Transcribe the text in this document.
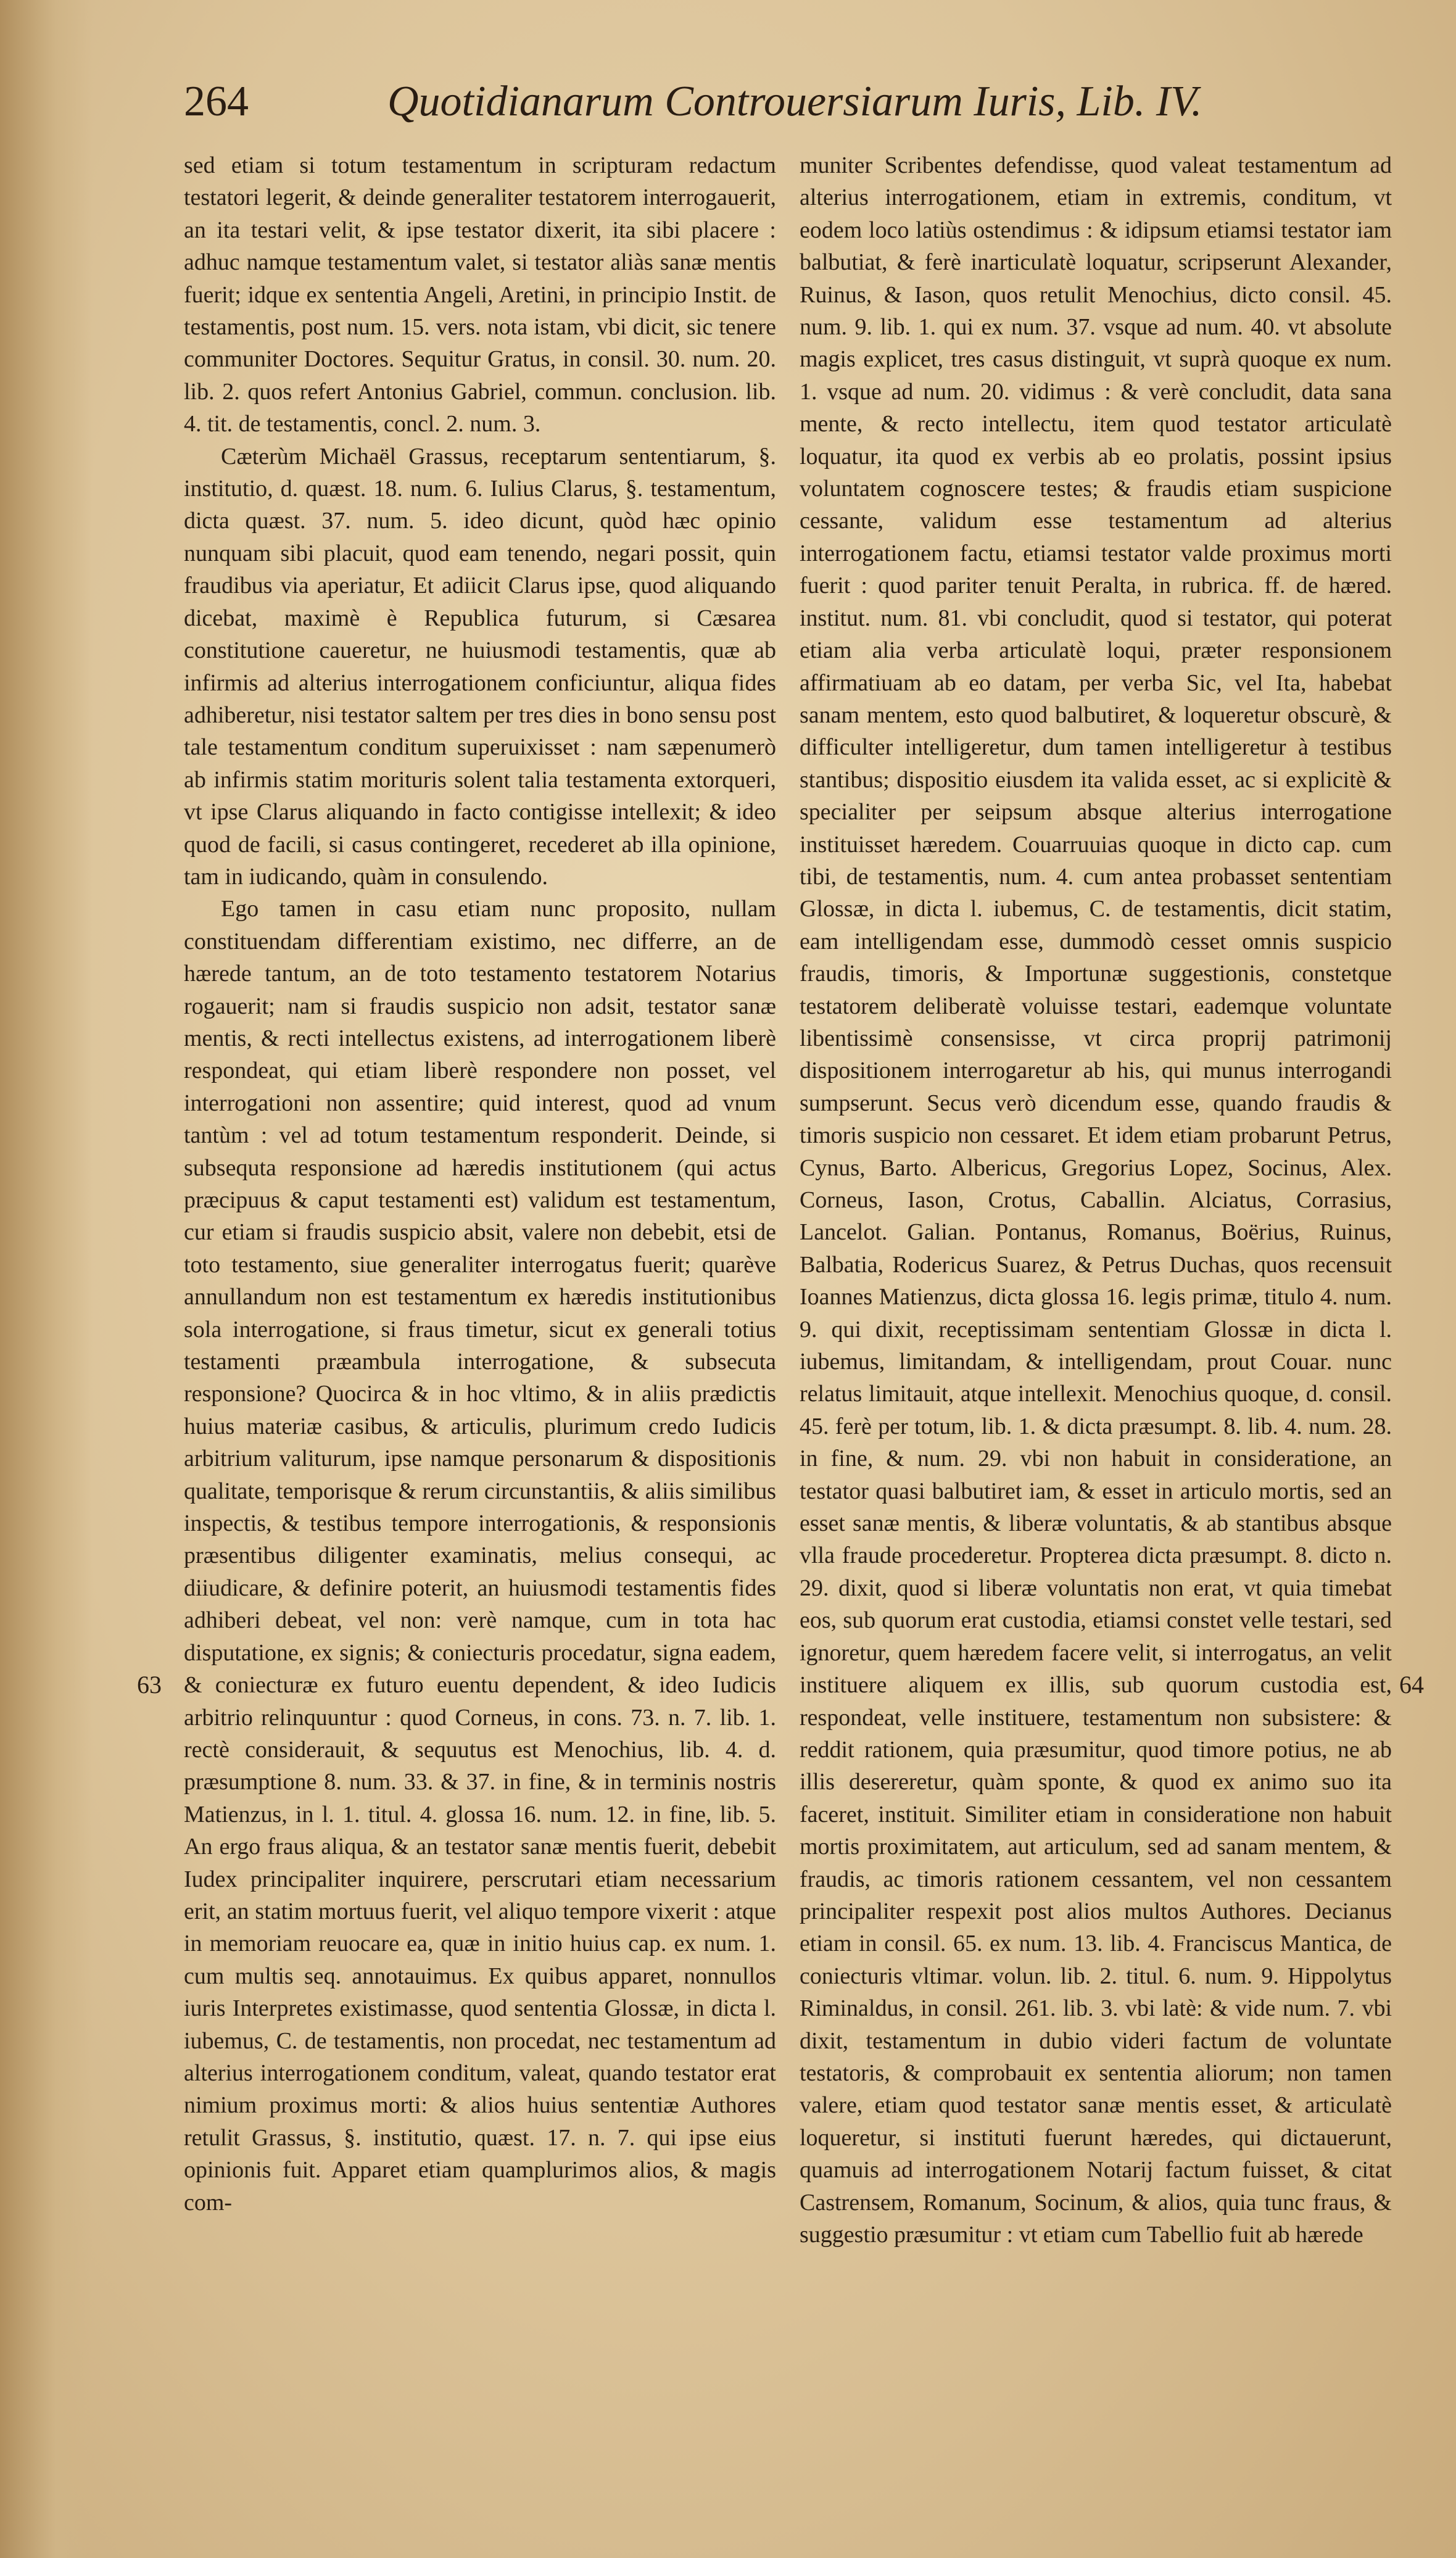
264	Quotidianarum Controuersiarum Iuris, Lib. IV.

sed etiam si totum testamentum in scripturam redactum testatori legerit, & deinde generaliter testatorem interrogauerit, an ita testari velit, & ipse testator dixerit, ita sibi placere : adhuc namque testamentum valet, si testator aliàs sanæ mentis fuerit; idque ex sententia Angeli, Aretini, in principio Instit. de testamentis, post num. 15. vers. nota istam, vbi dicit, sic tenere communiter Doctores. Sequitur Gratus, in consil. 30. num. 20. lib. 2. quos refert Antonius Gabriel, commun. conclusion. lib. 4. tit. de testamentis, concl. 2. num. 3.

Cæterùm Michaël Grassus, receptarum sententiarum, §. institutio, d. quæst. 18. num. 6. Iulius Clarus, §. testamentum, dicta quæst. 37. num. 5. ideo dicunt, quòd hæc opinio nunquam sibi placuit, quod eam tenendo, negari possit, quin fraudibus via aperiatur, Et adiicit Clarus ipse, quod aliquando dicebat, maximè è Republica futurum, si Cæsarea constitutione caueretur, ne huiusmodi testamentis, quæ ab infirmis ad alterius interrogationem conficiuntur, aliqua fides adhiberetur, nisi testator saltem per tres dies in bono sensu post tale testamentum conditum superuixisset : nam sæpenumerò ab infirmis statim morituris solent talia testamenta extorqueri, vt ipse Clarus aliquando in facto contigisse intellexit; & ideo quod de facili, si casus contingeret, recederet ab illa opinione, tam in iudicando, quàm in consulendo.

Ego tamen in casu etiam nunc proposito, nullam constituendam differentiam existimo, nec differre, an de hærede tantum, an de toto testamento testatorem Notarius rogauerit; nam si fraudis suspicio non adsit, testator sanæ mentis, & recti intellectus existens, ad interrogationem liberè respondeat, qui etiam liberè respondere non posset, vel interrogationi non assentire; quid interest, quod ad vnum tantùm : vel ad totum testamentum responderit. Deinde, si subsequta responsione ad hæredis institutionem (qui actus præcipuus & caput testamenti est) validum est testamentum, cur etiam si fraudis suspicio absit, valere non debebit, etsi de toto testamento, siue generaliter interrogatus fuerit; quarève annullandum non est testamentum ex hæredis institutionibus sola interrogatione, si fraus timetur, sicut ex generali totius testamenti præambula interrogatione, & subsecuta responsione? Quocirca & in hoc vltimo, & in aliis prædictis huius materiæ casibus, & articulis, plurimum credo Iudicis arbitrium valiturum, ipse namque personarum & dispositionis qualitate, temporisque & rerum circunstantiis, & aliis similibus inspectis, & testibus tempore interrogationis, & responsionis præsentibus diligenter examinatis, melius consequi, ac diiudicare, & definire poterit, an huiusmodi testamentis fides adhiberi debeat, vel non: verè namque, cum in tota hac disputatione, ex signis; & coniecturis procedatur, signa eadem, & coniecturæ ex futuro euentu dependent, & ideo Iudicis arbitrio relinquuntur : quod Corneus, in cons. 73. n. 7. lib. 1. rectè considerauit, & sequutus est Menochius, lib. 4. d. præsumptione 8. num. 33. & 37. in fine, & in terminis nostris Matienzus, in l. 1. titul. 4. glossa 16. num. 12. in fine, lib. 5. An ergo fraus aliqua, & an testator sanæ mentis fuerit, debebit Iudex principaliter inquirere, perscrutari etiam necessarium erit, an statim mortuus fuerit, vel aliquo tempore vixerit : atque in memoriam reuocare ea, quæ in initio huius cap. ex num. 1. cum multis seq. annotauimus. Ex quibus apparet, nonnullos iuris Interpretes existimasse, quod sententia Glossæ, in dicta l. iubemus, C. de testamentis, non procedat, nec testamentum ad alterius interrogationem conditum, valeat, quando testator erat nimium proximus morti: & alios huius sententiæ Authores retulit Grassus, §. institutio, quæst. 17. n. 7. qui ipse eius opinionis fuit. Apparet etiam quamplurimos alios, & magis com-

muniter Scribentes defendisse, quod valeat testamentum ad alterius interrogationem, etiam in extremis, conditum, vt eodem loco latiùs ostendimus : & idipsum etiamsi testator iam balbutiat, & ferè inarticulatè loquatur, scripserunt Alexander, Ruinus, & Iason, quos retulit Menochius, dicto consil. 45. num. 9. lib. 1. qui ex num. 37. vsque ad num. 40. vt absolute magis explicet, tres casus distinguit, vt suprà quoque ex num. 1. vsque ad num. 20. vidimus : & verè concludit, data sana mente, & recto intellectu, item quod testator articulatè loquatur, ita quod ex verbis ab eo prolatis, possint ipsius voluntatem cognoscere testes; & fraudis etiam suspicione cessante, validum esse testamentum ad alterius interrogationem factu, etiamsi testator valde proximus morti fuerit : quod pariter tenuit Peralta, in rubrica. ff. de hæred. institut. num. 81. vbi concludit, quod si testator, qui poterat etiam alia verba articulatè loqui, præter responsionem affirmatiuam ab eo datam, per verba Sic, vel Ita, habebat sanam mentem, esto quod balbutiret, & loqueretur obscurè, & difficulter intelligeretur, dum tamen intelligeretur à testibus stantibus; dispositio eiusdem ita valida esset, ac si explicitè & specialiter per seipsum absque alterius interrogatione instituisset hæredem. Couarruuias quoque in dicto cap. cum tibi, de testamentis, num. 4. cum antea probasset sententiam Glossæ, in dicta l. iubemus, C. de testamentis, dicit statim, eam intelligendam esse, dummodò cesset omnis suspicio fraudis, timoris, & Importunæ suggestionis, constetque testatorem deliberatè voluisse testari, eademque voluntate libentissimè consensisse, vt circa proprij patrimonij dispositionem interrogaretur ab his, qui munus interrogandi sumpserunt. Secus verò dicendum esse, quando fraudis & timoris suspicio non cessaret. Et idem etiam probarunt Petrus, Cynus, Barto. Albericus, Gregorius Lopez, Socinus, Alex. Corneus, Iason, Crotus, Caballin. Alciatus, Corrasius, Lancelot. Galian. Pontanus, Romanus, Boërius, Ruinus, Balbatia, Rodericus Suarez, & Petrus Duchas, quos recensuit Ioannes Matienzus, dicta glossa 16. legis primæ, titulo 4. num. 9. qui dixit, receptissimam sententiam Glossæ in dicta l. iubemus, limitandam, & intelligendam, prout Couar. nunc relatus limitauit, atque intellexit. Menochius quoque, d. consil. 45. ferè per totum, lib. 1. & dicta præsumpt. 8. lib. 4. num. 28. in fine, & num. 29. vbi non habuit in consideratione, an testator quasi balbutiret iam, & esset in articulo mortis, sed an esset sanæ mentis, & liberæ voluntatis, & ab stantibus absque vlla fraude procederetur. Propterea dicta præsumpt. 8. dicto n. 29. dixit, quod si liberæ voluntatis non erat, vt quia timebat eos, sub quorum erat custodia, etiamsi constet velle testari, sed ignoretur, quem hæredem facere velit, si interrogatus, an velit instituere aliquem ex illis, sub quorum custodia est, respondeat, velle instituere, testamentum non subsistere: & reddit rationem, quia præsumitur, quod timore potius, ne ab illis desereretur, quàm sponte, & quod ex animo suo ita faceret, instituit. Similiter etiam in consideratione non habuit mortis proximitatem, aut articulum, sed ad sanam mentem, & fraudis, ac timoris rationem cessantem, vel non cessantem principaliter respexit post alios multos Authores. Decianus etiam in consil. 65. ex num. 13. lib. 4. Franciscus Mantica, de coniecturis vltimar. volun. lib. 2. titul. 6. num. 9. Hippolytus Riminaldus, in consil. 261. lib. 3. vbi latè: & vide num. 7. vbi dixit, testamentum in dubio videri factum de voluntate testatoris, & comprobauit ex sententia aliorum; non tamen valere, etiam quod testator sanæ mentis esset, & articulatè loqueretur, si instituti fuerunt hæredes, qui dictauerunt, quamuis ad interrogationem Notarij factum fuisset, & citat Castrensem, Romanum, Socinum, & alios, quia tunc fraus, & suggestio præsumitur : vt etiam cum Tabellio fuit ab hærede

63	64
